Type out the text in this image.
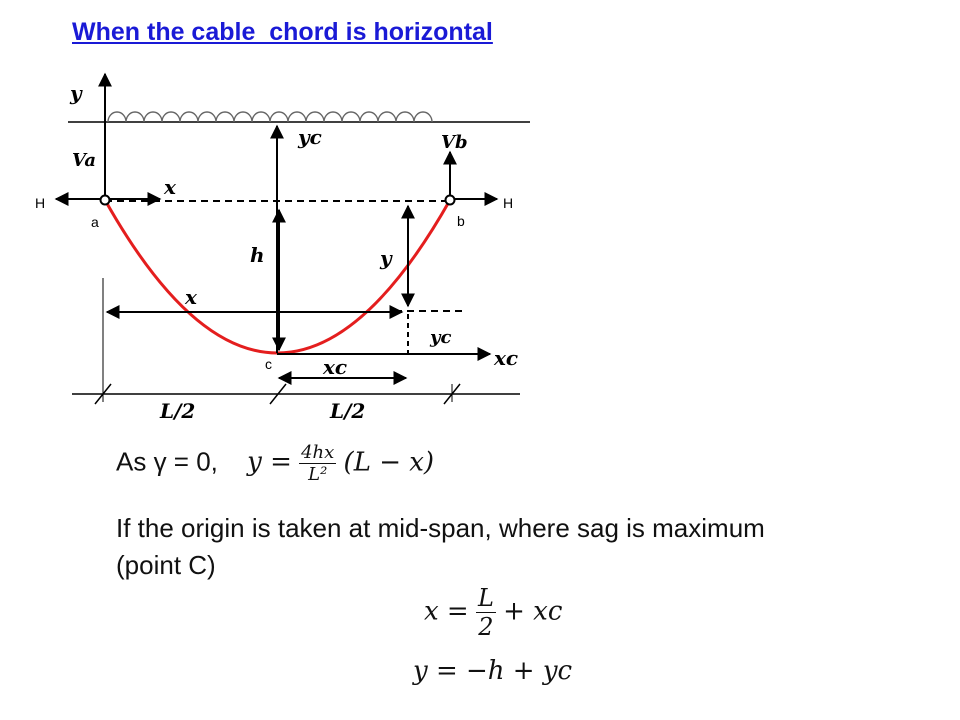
When the cable  chord is horizontal
y
Va
Vb
yc
x
H	H
a	b
c
h	y
x
yc
xc
xc
L/2	L/2
As γ = 0, $y = \frac{4hx}{\text{L²}} (L - x)$
If the origin is taken at mid-span, where sag is maximum
(point C)
$x = \frac{L}{2}$ + xc
y = −h + yc
